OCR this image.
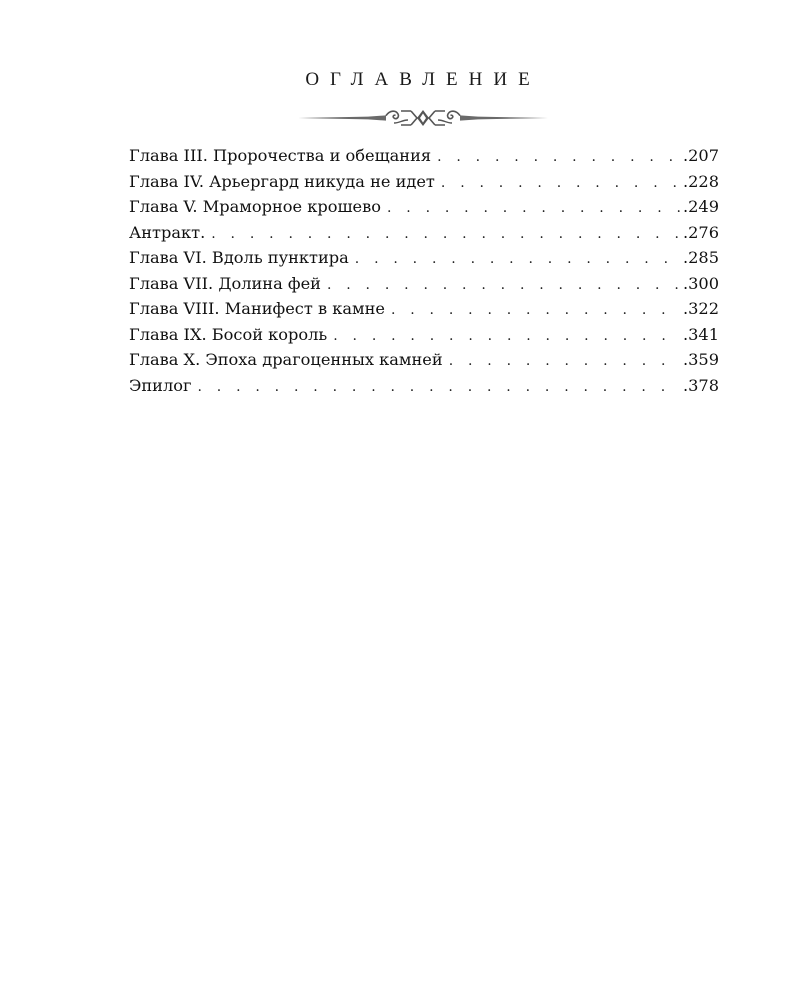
ОГЛАВЛЕНИЕ
Глава III. Пророчества и обещания . . .	.207
Глава IV. Арьергард никуда не идет . . .	.228
Глава V. Мраморное крошево . . .	.249
Антракт. . . .	.276
Глава VI. Вдоль пунктира . . .	.285
Глава VII. Долина фей . . .	.300
Глава VIII. Манифест в камне . . .	.322
Глава IX. Босой король . . .	.341
Глава X. Эпоха драгоценных камней . . .	.359
Эпилог . . .	.378
